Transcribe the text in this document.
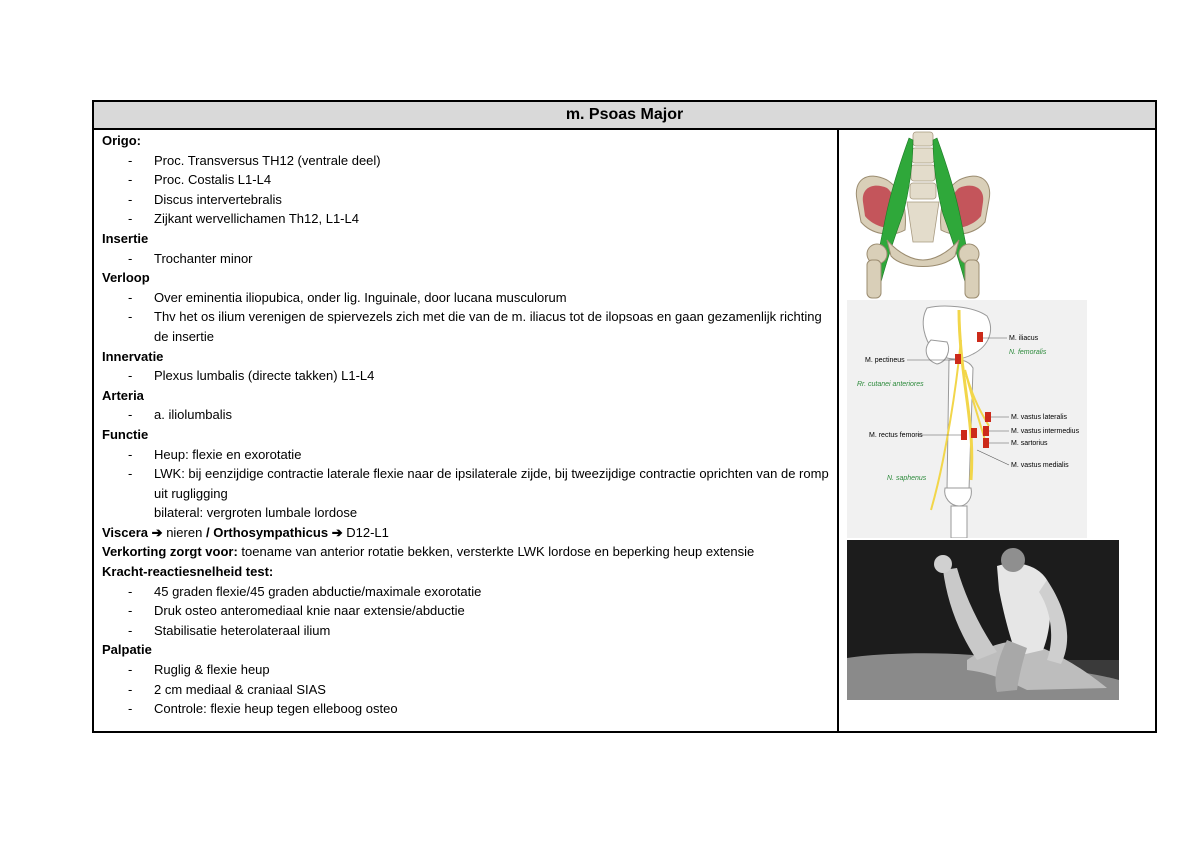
m. Psoas Major
Origo:
-	Proc. Transversus TH12 (ventrale deel)
-	Proc. Costalis L1-L4
-	Discus intervertebralis
-	Zijkant wervellichamen Th12, L1-L4
Insertie
-	Trochanter minor
Verloop
-	Over eminentia iliopubica, onder lig. Inguinale, door lucana musculorum
-	Thv het os ilium verenigen de spiervezels zich met die van de m. iliacus tot de ilopsoas en gaan gezamenlijk richting de insertie
Innervatie
-	Plexus lumbalis (directe takken) L1-L4
Arteria
-	a. iliolumbalis
Functie
-	Heup: flexie en exorotatie
-	LWK: bij eenzijdige contractie laterale flexie naar de ipsilaterale zijde, bij tweezijdige contractie oprichten van de romp uit rugligging
bilateral: vergroten lumbale lordose
Viscera ➔ nieren / Orthosympathicus ➔ D12-L1
Verkorting zorgt voor: toename van anterior rotatie bekken, versterkte LWK lordose en beperking heup extensie
Kracht-reactiesnelheid test:
-	45 graden flexie/45 graden abductie/maximale exorotatie
-	Druk osteo anteromediaal knie naar extensie/abductie
-	Stabilisatie heterolateraal ilium
Palpatie
-	Ruglig & flexie heup
-	2 cm mediaal & craniaal SIAS
-	Controle: flexie heup tegen elleboog osteo
M. iliacus
N. femoralis
M. pectineus
Rr. cutanei anteriores
M. vastus lateralis
M. vastus intermedius
M. sartorius
M. rectus femoris
M. vastus medialis
N. saphenus
